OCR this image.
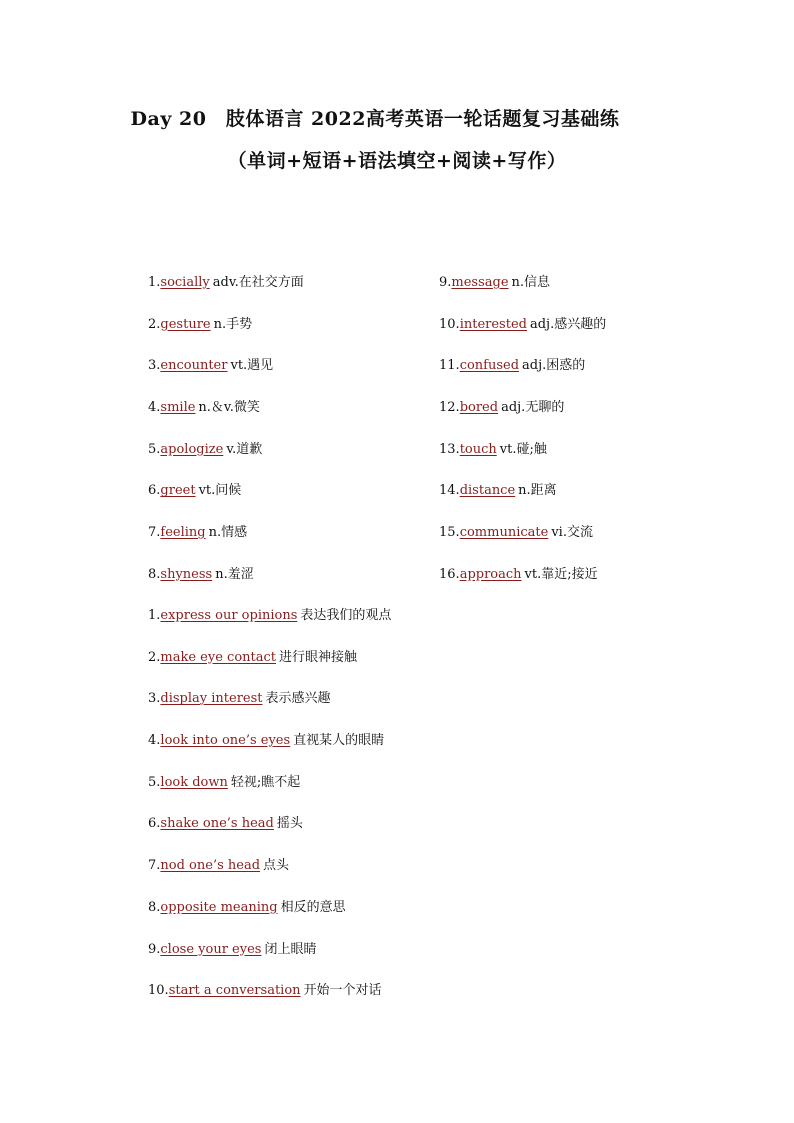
Day 20　肢体语言 2022高考英语一轮话题复习基础练
（单词+短语+语法填空+阅读+写作）
1.socially adv.在社交方面
2.gesture n.手势
3.encounter vt.遇见
4.smile n.＆v.微笑
5.apologize v.道歉
6.greet vt.问候
7.feeling n.情感
8.shyness n.羞涩
9.message n.信息
10.interested adj.感兴趣的
11.confused adj.困惑的
12.bored adj.无聊的
13.touch vt.碰;触
14.distance n.距离
15.communicate vi.交流
16.approach vt.靠近;接近
1.express our opinions 表达我们的观点
2.make eye contact 进行眼神接触
3.display interest 表示感兴趣
4.look into one’s eyes 直视某人的眼睛
5.look down 轻视;瞧不起
6.shake one’s head 摇头
7.nod one’s head 点头
8.opposite meaning 相反的意思
9.close your eyes 闭上眼睛
10.start a conversation 开始一个对话
